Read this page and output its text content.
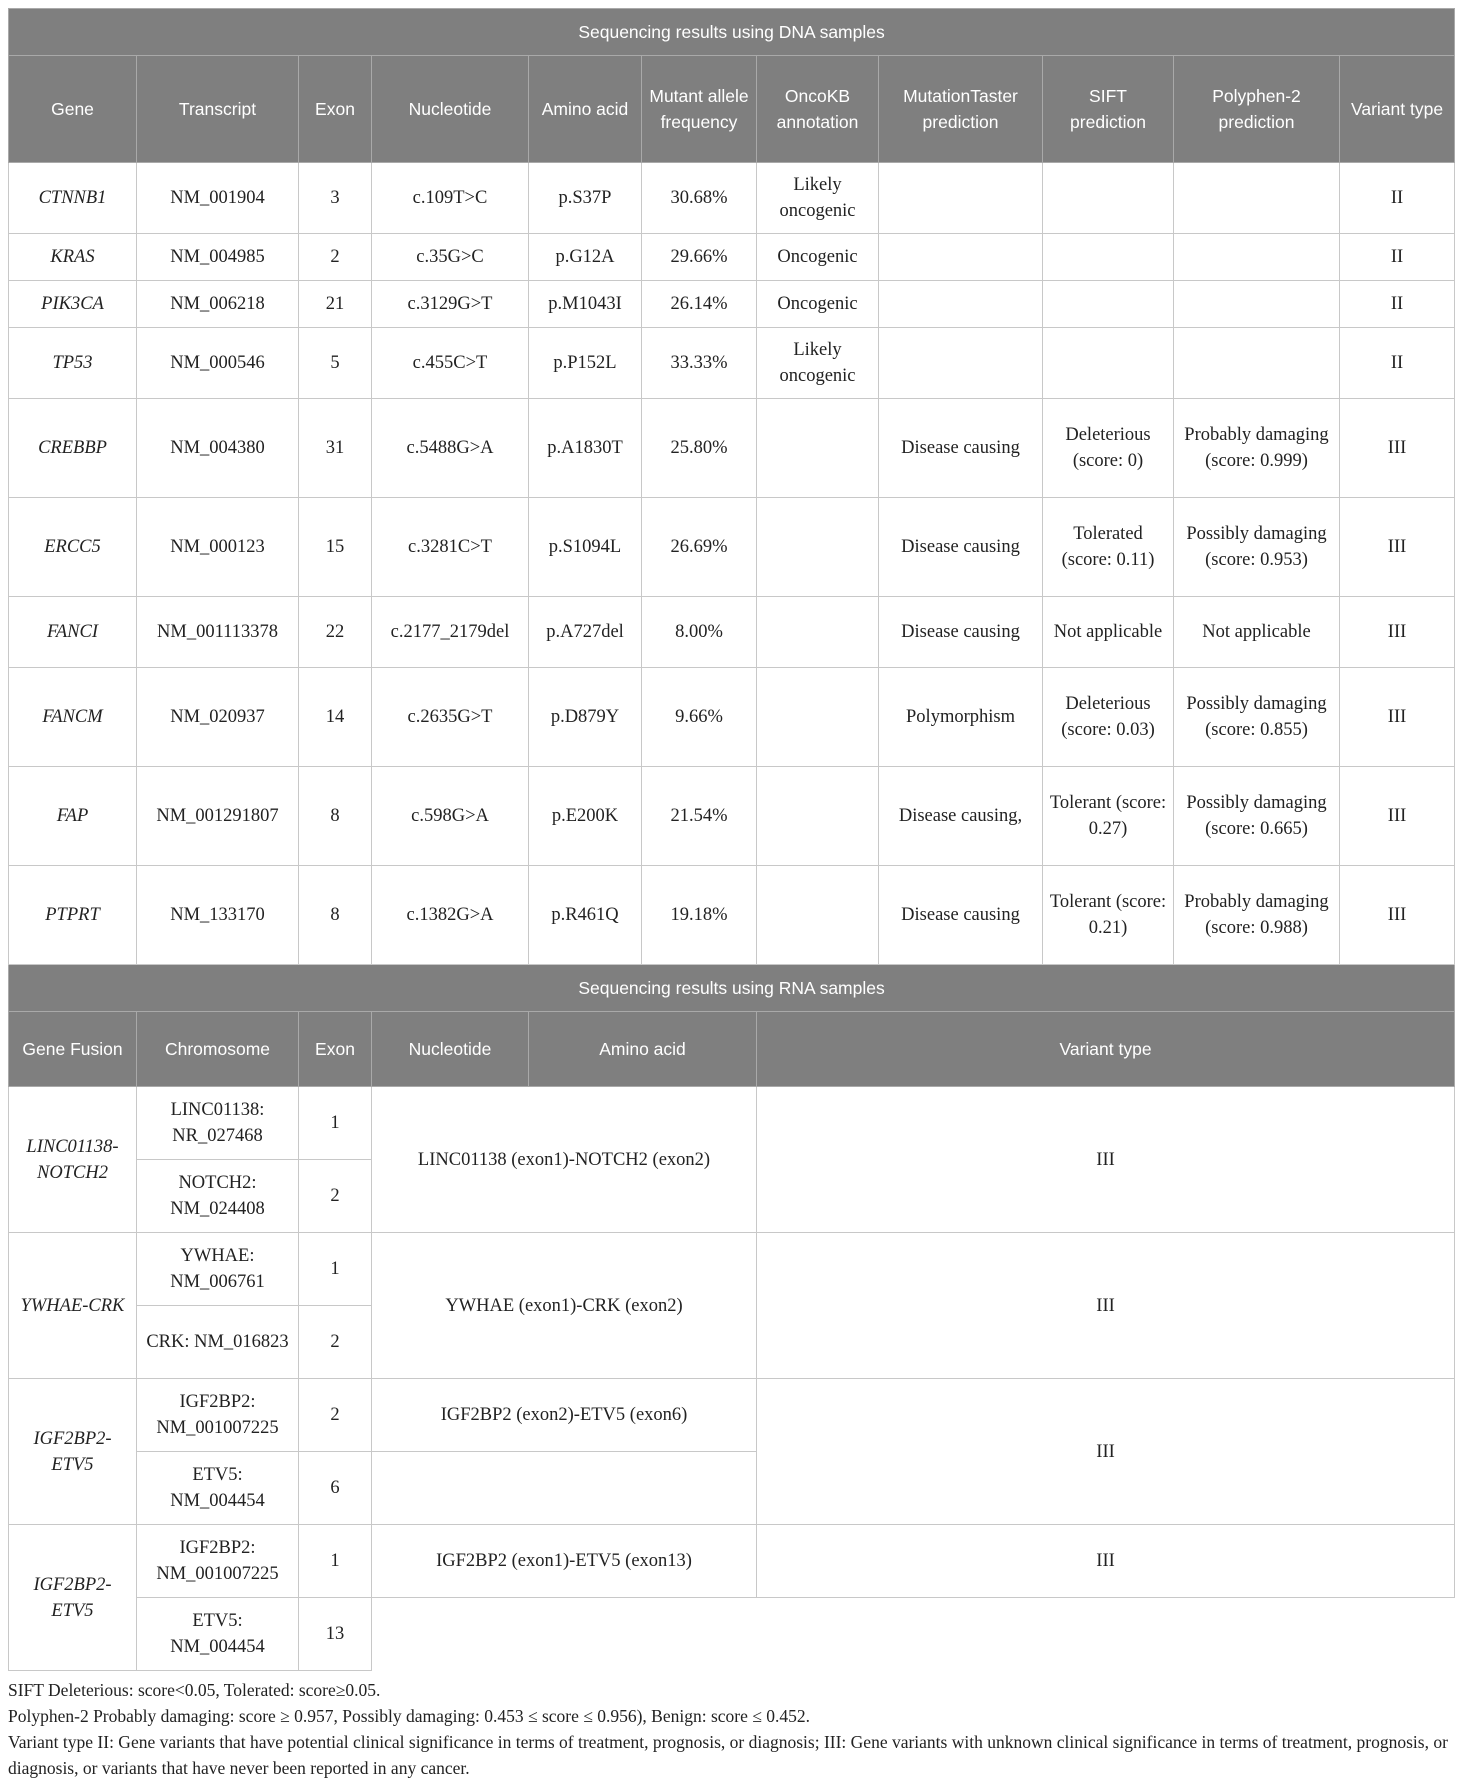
Sequencing results using DNA samples										
Gene	Transcript	Exon	Nucleotide	Amino acid	Mutant allele frequency	OncoKB annotation	MutationTaster prediction	SIFT prediction	Polyphen-2 prediction	Variant type
CTNNB1	NM_001904	3	c.109T>C	p.S37P	30.68%	Likely oncogenic				II
KRAS	NM_004985	2	c.35G>C	p.G12A	29.66%	Oncogenic				II
PIK3CA	NM_006218	21	c.3129G>T	p.M1043I	26.14%	Oncogenic				II
TP53	NM_000546	5	c.455C>T	p.P152L	33.33%	Likely oncogenic				II
CREBBP	NM_004380	31	c.5488G>A	p.A1830T	25.80%		Disease causing	Deleterious (score: 0)	Probably damaging (score: 0.999)	III
ERCC5	NM_000123	15	c.3281C>T	p.S1094L	26.69%		Disease causing	Tolerated (score: 0.11)	Possibly damaging (score: 0.953)	III
FANCI	NM_001113378	22	c.2177_2179del	p.A727del	8.00%		Disease causing	Not applicable	Not applicable	III
FANCM	NM_020937	14	c.2635G>T	p.D879Y	9.66%		Polymorphism	Deleterious (score: 0.03)	Possibly damaging (score: 0.855)	III
FAP	NM_001291807	8	c.598G>A	p.E200K	21.54%		Disease causing,	Tolerant (score: 0.27)	Possibly damaging (score: 0.665)	III
PTPRT	NM_133170	8	c.1382G>A	p.R461Q	19.18%		Disease causing	Tolerant (score: 0.21)	Probably damaging (score: 0.988)	III
Sequencing results using RNA samples										
Gene Fusion	Chromosome	Exon	Nucleotide	Amino acid		Variant type				
LINC01138-NOTCH2	LINC01138: NR_027468	1	LINC01138 (exon1)-NOTCH2 (exon2)			III				
	NOTCH2: NM_024408	2								
YWHAE-CRK	YWHAE: NM_006761	1	YWHAE (exon1)-CRK (exon2)			III				
	CRK: NM_016823	2								
IGF2BP2-ETV5	IGF2BP2: NM_001007225	2	IGF2BP2 (exon2)-ETV5 (exon6)			III				
	ETV5: NM_004454	6								
IGF2BP2-ETV5	IGF2BP2: NM_001007225	1	IGF2BP2 (exon1)-ETV5 (exon13)			III				
	ETV5: NM_004454	13								

SIFT Deleterious: score<0.05, Tolerated: score≥0.05.

Polyphen-2 Probably damaging: score ≥ 0.957, Possibly damaging: 0.453 ≤ score ≤ 0.956), Benign: score ≤ 0.452.

Variant type II: Gene variants that have potential clinical significance in terms of treatment, prognosis, or diagnosis; III: Gene variants with unknown clinical significance in terms of treatment, prognosis, or diagnosis, or variants that have never been reported in any cancer.
